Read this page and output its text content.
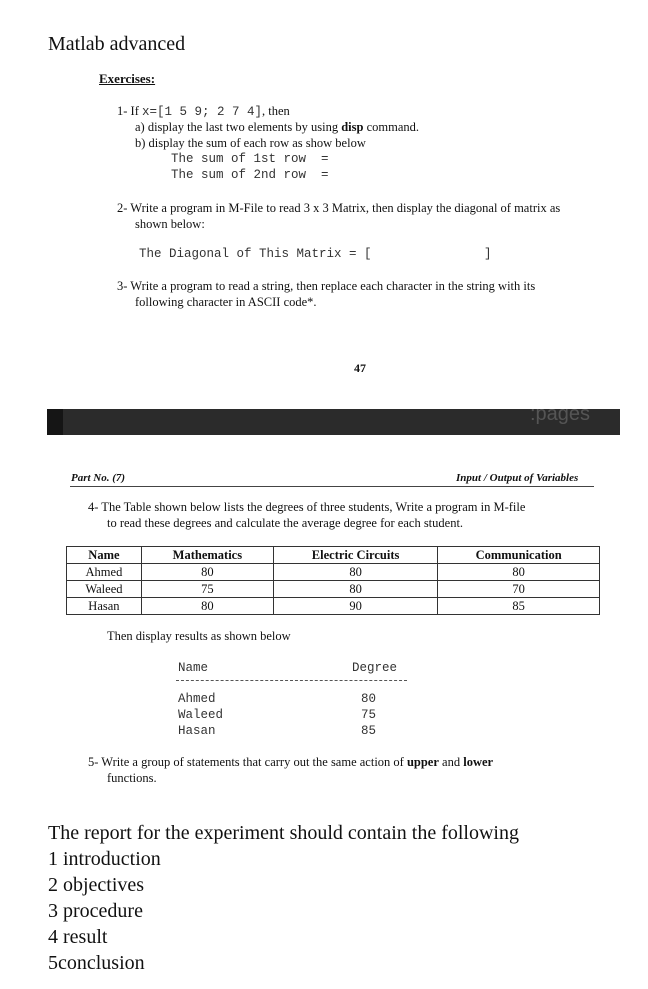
Matlab advanced
Exercises:
1- If x=[1 5 9; 2 7 4], then
a) display the last two elements by using disp command.
b) display the sum of each row as show below
The sum of 1st row  =
The sum of 2nd row  =
2- Write a program in M-File to read 3 x 3 Matrix, then display the diagonal of matrix as
shown below:
The Diagonal of This Matrix = [               ]
3- Write a program to read a string, then replace each character in the string with its
following character in ASCII code*.
47
:pages
Part No. (7)	Input / Output of Variables
4- The Table shown below lists the degrees of three students, Write a program in M-file
to read these degrees and calculate the average degree for each student.
Name	Mathematics	Electric Circuits	Communication
Ahmed	80	80	80
Waleed	75	80	70
Hasan	80	90	85
Then display results as shown below
Name	Degree
Ahmed	80
Waleed	75
Hasan	85
5- Write a group of statements that carry out the same action of upper and lower
functions.
The report for the experiment should contain the following
1 introduction
2 objectives
3 procedure
4 result
5conclusion
